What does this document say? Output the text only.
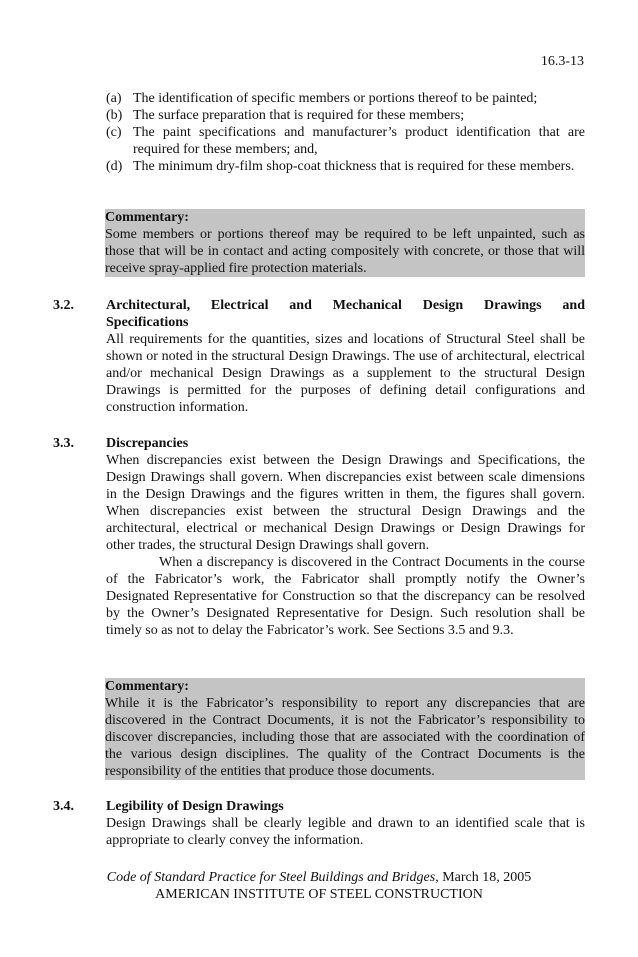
16.3-13
(a) The identification of specific members or portions thereof to be painted;
(b) The surface preparation that is required for these members;
(c) The paint specifications and manufacturer’s product identification that are required for these members; and,
(d) The minimum dry-film shop-coat thickness that is required for these members.
Commentary:
Some members or portions thereof may be required to be left unpainted, such as those that will be in contact and acting compositely with concrete, or those that will receive spray-applied fire protection materials.
3.2.	Architectural, Electrical and Mechanical Design Drawings and
Specifications
All requirements for the quantities, sizes and locations of Structural Steel shall be shown or noted in the structural Design Drawings. The use of architectural, electrical and/or mechanical Design Drawings as a supplement to the structural Design Drawings is permitted for the purposes of defining detail configurations and construction information.
3.3.	Discrepancies
When discrepancies exist between the Design Drawings and Specifications, the Design Drawings shall govern. When discrepancies exist between scale dimensions in the Design Drawings and the figures written in them, the figures shall govern. When discrepancies exist between the structural Design Drawings and the architectural, electrical or mechanical Design Drawings or Design Drawings for other trades, the structural Design Drawings shall govern.
When a discrepancy is discovered in the Contract Documents in the course of the Fabricator’s work, the Fabricator shall promptly notify the Owner’s Designated Representative for Construction so that the discrepancy can be resolved by the Owner’s Designated Representative for Design. Such resolution shall be timely so as not to delay the Fabricator’s work. See Sections 3.5 and 9.3.
Commentary:
While it is the Fabricator’s responsibility to report any discrepancies that are discovered in the Contract Documents, it is not the Fabricator’s responsibility to discover discrepancies, including those that are associated with the coordination of the various design disciplines. The quality of the Contract Documents is the responsibility of the entities that produce those documents.
3.4.	Legibility of Design Drawings
Design Drawings shall be clearly legible and drawn to an identified scale that is appropriate to clearly convey the information.
Code of Standard Practice for Steel Buildings and Bridges, March 18, 2005
AMERICAN INSTITUTE OF STEEL CONSTRUCTION
